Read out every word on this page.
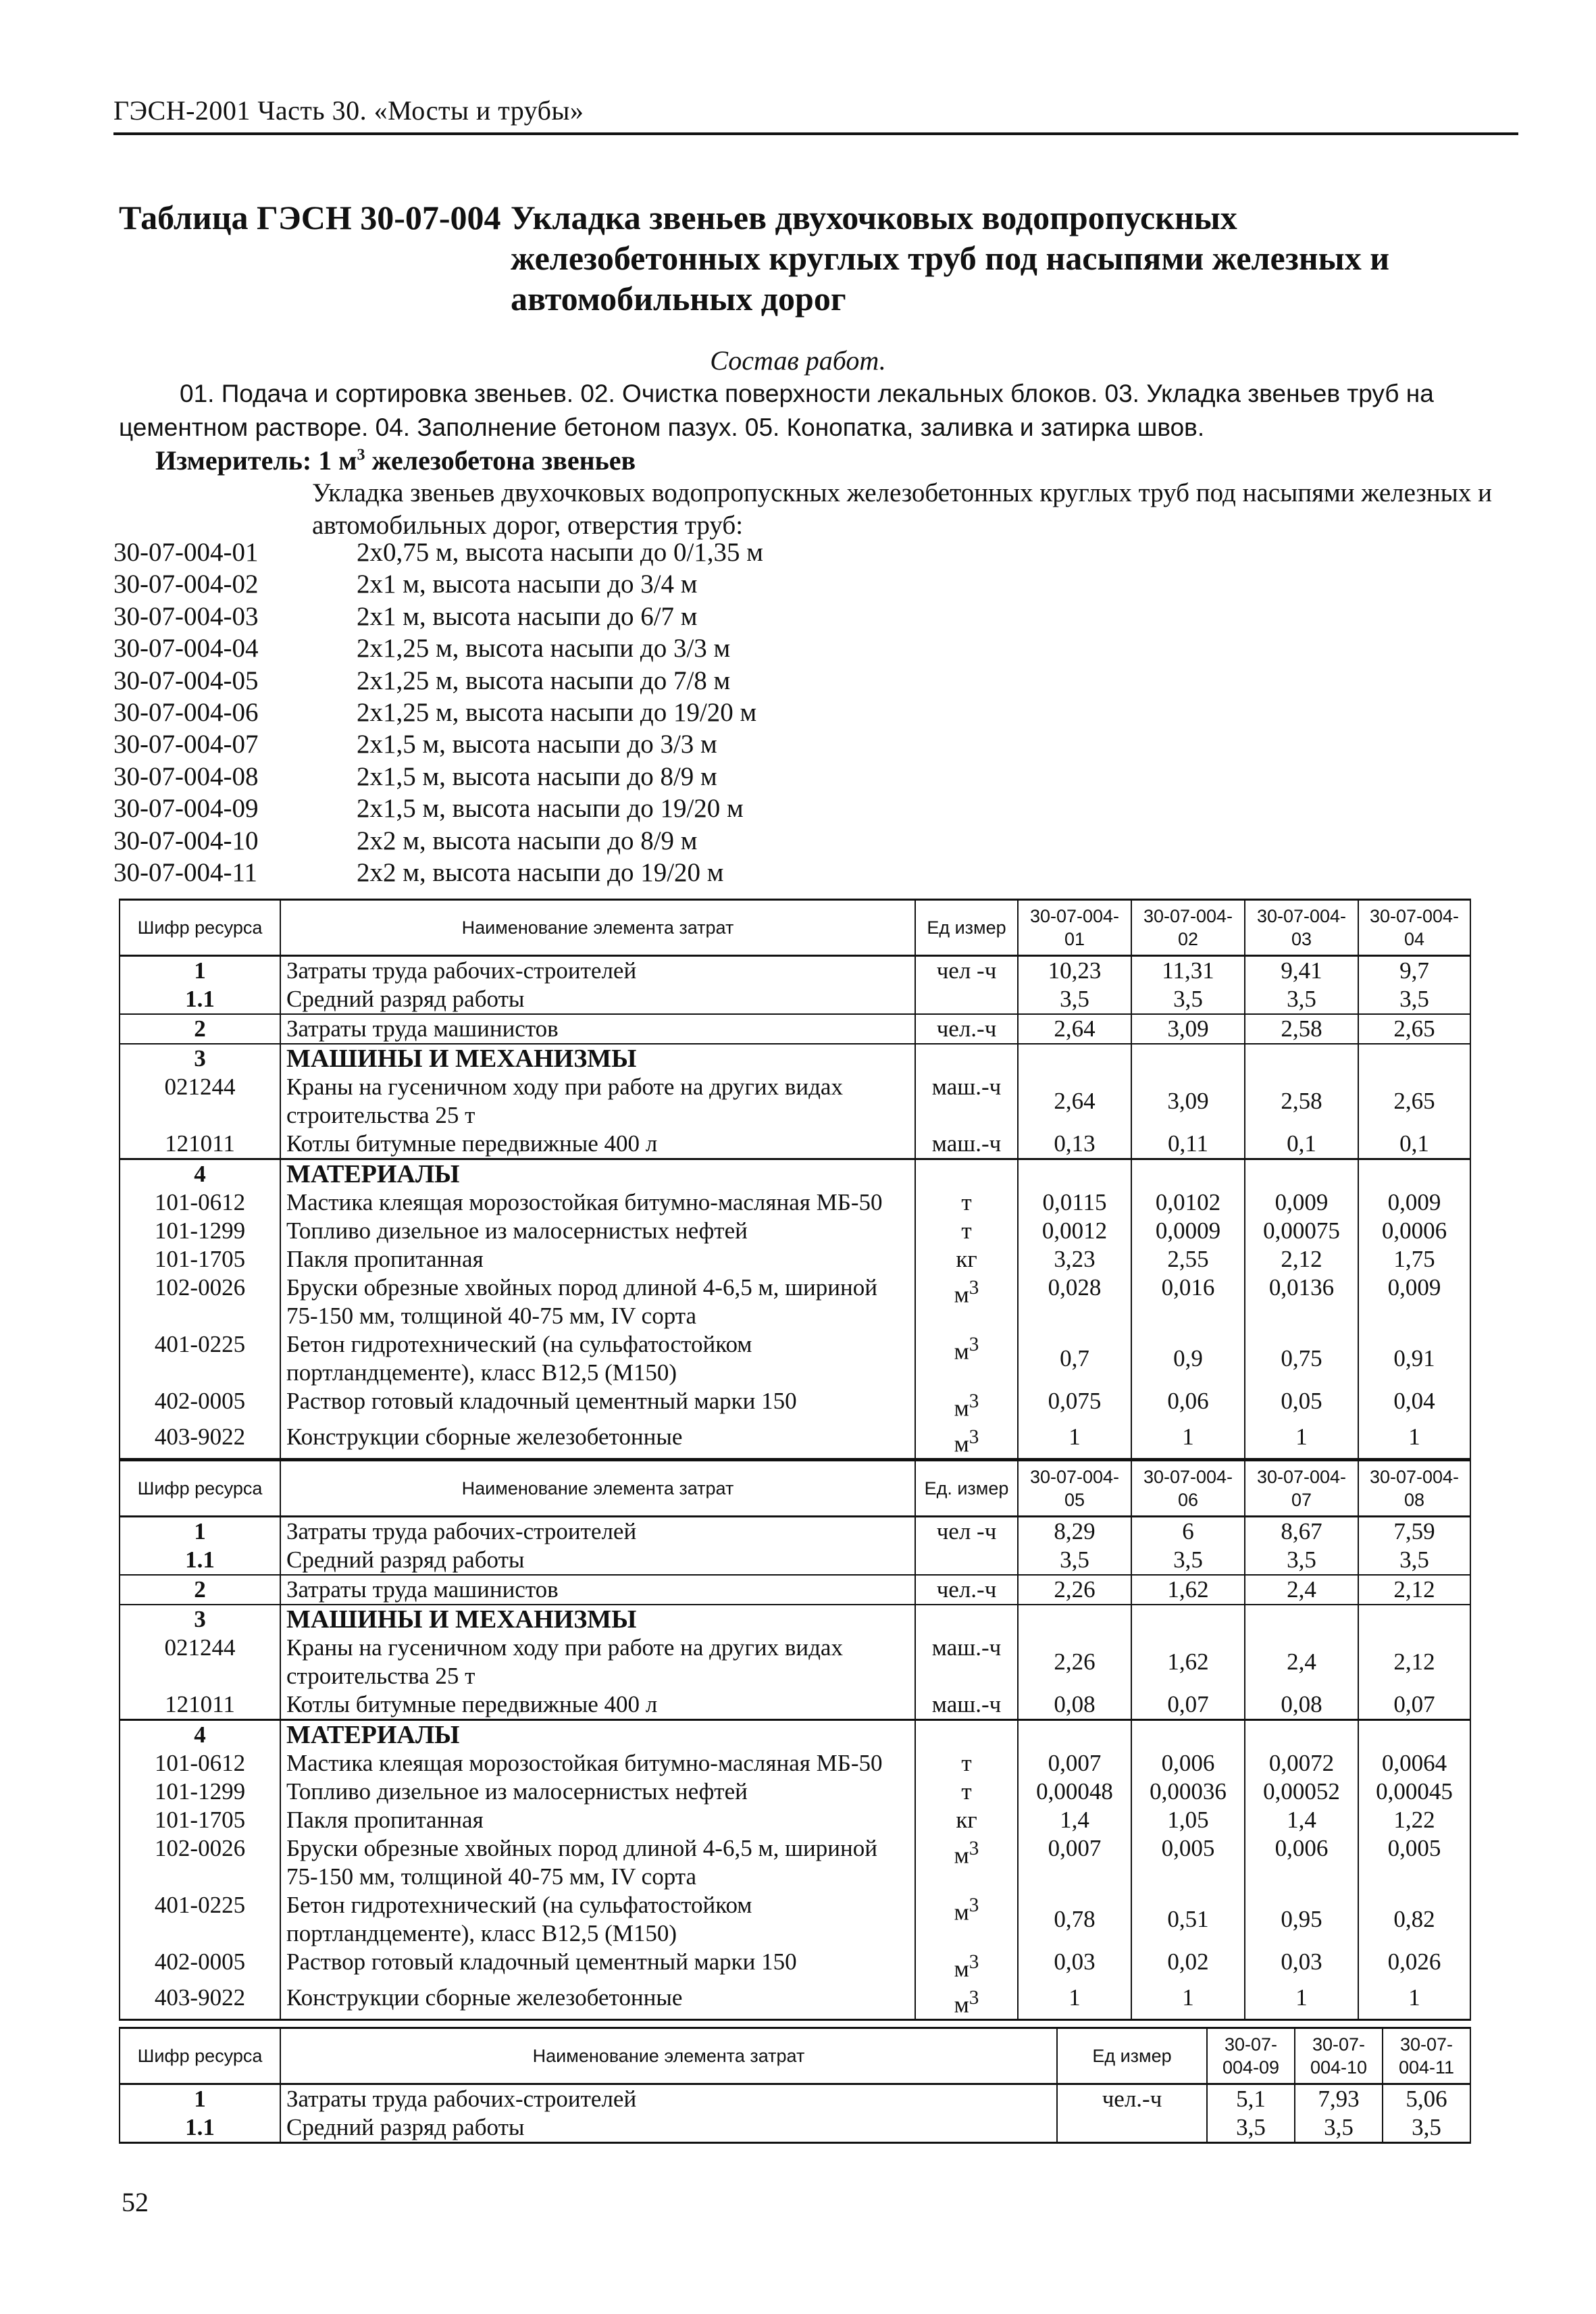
ГЭСН-2001 Часть 30. «Мосты и трубы»
Таблица ГЭСН 30-07-004 Укладка звеньев двухочковых водопропускных железобетонных круглых труб под насыпями железных и автомобильных дорог
Состав работ.
01. Подача и сортировка звеньев. 02. Очистка поверхности лекальных блоков. 03. Укладка звеньев труб на цементном растворе. 04. Заполнение бетоном пазух. 05. Конопатка, заливка и затирка швов.
Измеритель: 1 $м^3$ железобетона звеньев
Укладка звеньев двухочковых водопропускных железобетонных круглых труб под насыпями железных и автомобильных дорог, отверстия труб:
30-07-004-01	2х0,75 м, высота насыпи до 0/1,35 м
30-07-004-02	2х1 м, высота насыпи до 3/4 м
30-07-004-03	2х1 м, высота насыпи до 6/7 м
30-07-004-04	2х1,25 м, высота насыпи до 3/3 м
30-07-004-05	2х1,25 м, высота насыпи до 7/8 м
30-07-004-06	2х1,25 м, высота насыпи до 19/20 м
30-07-004-07	2х1,5 м, высота насыпи до 3/3 м
30-07-004-08	2х1,5 м, высота насыпи до 8/9 м
30-07-004-09	2х1,5 м, высота насыпи до 19/20 м
30-07-004-10	2х2 м, высота насыпи до 8/9 м
30-07-004-11	2х2 м, высота насыпи до 19/20 м
Шифр ресурса	Наименование элемента затрат	Ед измер	30-07-004-01	30-07-004-02	30-07-004-03	30-07-004-04
1	Затраты труда рабочих-строителей	чел -ч	10,23	11,31	9,41	9,7
1.1	Средний разряд работы		3,5	3,5	3,5	3,5
2	Затраты труда машинистов	чел.-ч	2,64	3,09	2,58	2,65
3	МАШИНЫ И МЕХАНИЗМЫ					
021244	Краны на гусеничном ходу при работе на других видах строительства 25 т	маш.-ч	2,64	3,09	2,58	2,65
121011	Котлы битумные передвижные 400 л	маш.-ч	0,13	0,11	0,1	0,1
4	МАТЕРИАЛЫ					
101-0612	Мастика клеящая морозостойкая битумно-масляная МБ-50	т	0,0115	0,0102	0,009	0,009
101-1299	Топливо дизельное из малосернистых нефтей	т	0,0012	0,0009	0,00075	0,0006
101-1705	Пакля пропитанная	кг	3,23	2,55	2,12	1,75
102-0026	Бруски обрезные хвойных пород длиной 4-6,5 м, шириной 75-150 мм, толщиной 40-75 мм, IV сорта	$м^3$	0,028	0,016	0,0136	0,009
401-0225	Бетон гидротехнический (на сульфатостойком портландцементе), класс В12,5 (М150)	$м^3$	0,7	0,9	0,75	0,91
402-0005	Раствор готовый кладочный цементный марки 150	$м^3$	0,075	0,06	0,05	0,04
403-9022	Конструкции сборные железобетонные	$м^3$	1	1	1	1
Шифр ресурса	Наименование элемента затрат	Ед. измер	30-07-004-05	30-07-004-06	30-07-004-07	30-07-004-08
1	Затраты труда рабочих-строителей	чел -ч	8,29	6	8,67	7,59
1.1	Средний разряд работы		3,5	3,5	3,5	3,5
2	Затраты труда машинистов	чел.-ч	2,26	1,62	2,4	2,12
3	МАШИНЫ И МЕХАНИЗМЫ					
021244	Краны на гусеничном ходу при работе на других видах строительства 25 т	маш.-ч	2,26	1,62	2,4	2,12
121011	Котлы битумные передвижные 400 л	маш.-ч	0,08	0,07	0,08	0,07
4	МАТЕРИАЛЫ					
101-0612	Мастика клеящая морозостойкая битумно-масляная МБ-50	т	0,007	0,006	0,0072	0,0064
101-1299	Топливо дизельное из малосернистых нефтей	т	0,00048	0,00036	0,00052	0,00045
101-1705	Пакля пропитанная	кг	1,4	1,05	1,4	1,22
102-0026	Бруски обрезные хвойных пород длиной 4-6,5 м, шириной 75-150 мм, толщиной 40-75 мм, IV сорта	$м^3$	0,007	0,005	0,006	0,005
401-0225	Бетон гидротехнический (на сульфатостойком портландцементе), класс В12,5 (М150)	$м^3$	0,78	0,51	0,95	0,82
402-0005	Раствор готовый кладочный цементный марки 150	$м^3$	0,03	0,02	0,03	0,026
403-9022	Конструкции сборные железобетонные	$м^3$	1	1	1	1
Шифр ресурса	Наименование элемента затрат	Ед измер	30-07-004-09	30-07-004-10	30-07-004-11
1	Затраты труда рабочих-строителей	чел.-ч	5,1	7,93	5,06
1.1	Средний разряд работы		3,5	3,5	3,5
52
